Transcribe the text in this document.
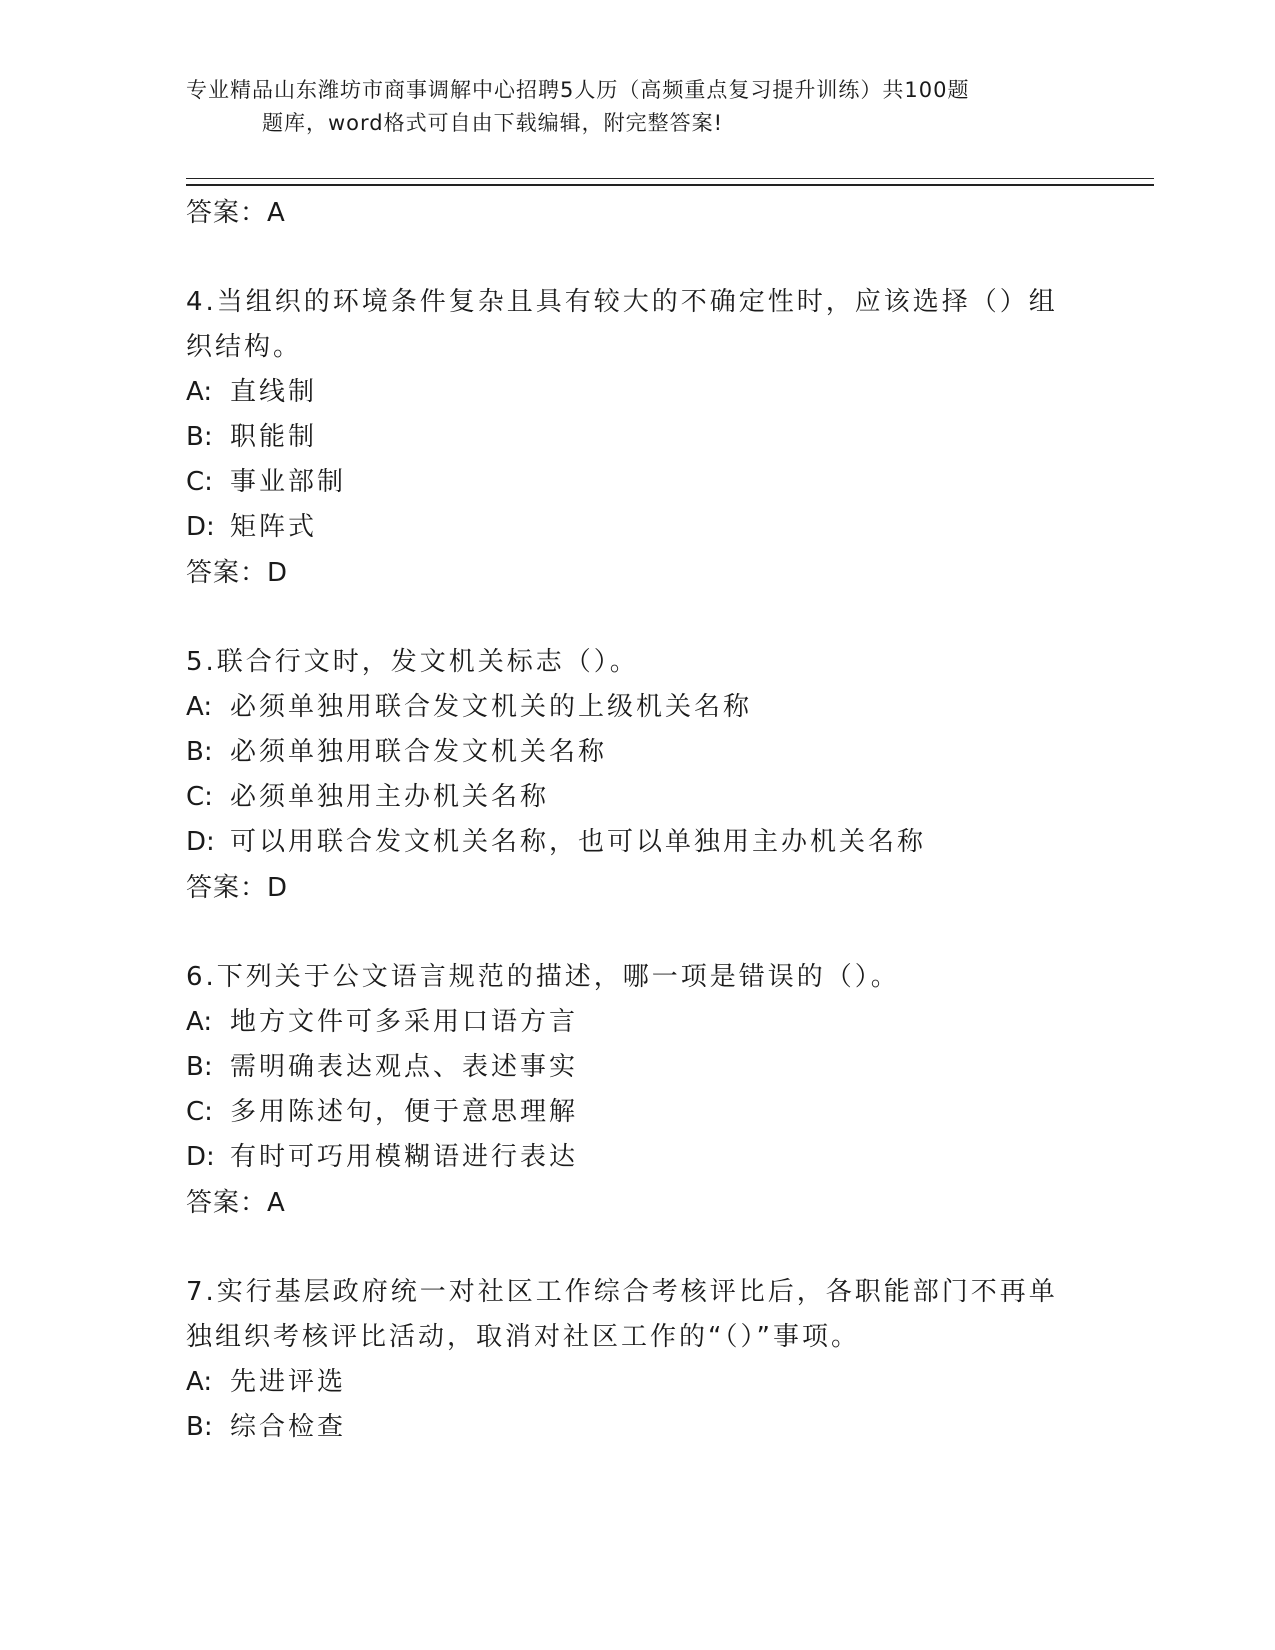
专业精品山东潍坊市商事调解中心招聘5人历（高频重点复习提升训练）共100题
题库，word格式可自由下载编辑，附完整答案!
答案：A
4.当组织的环境条件复杂且具有较大的不确定性时，应该选择（）组
织结构。
A: 直线制
B: 职能制
C: 事业部制
D: 矩阵式
答案：D
5.联合行文时，发文机关标志（）。
A: 必须单独用联合发文机关的上级机关名称
B: 必须单独用联合发文机关名称
C: 必须单独用主办机关名称
D: 可以用联合发文机关名称，也可以单独用主办机关名称
答案：D
6.下列关于公文语言规范的描述，哪一项是错误的（）。
A: 地方文件可多采用口语方言
B: 需明确表达观点、表述事实
C: 多用陈述句，便于意思理解
D: 有时可巧用模糊语进行表达
答案：A
7.实行基层政府统一对社区工作综合考核评比后，各职能部门不再单
独组织考核评比活动，取消对社区工作的“（）”事项。
A: 先进评选
B: 综合检查
